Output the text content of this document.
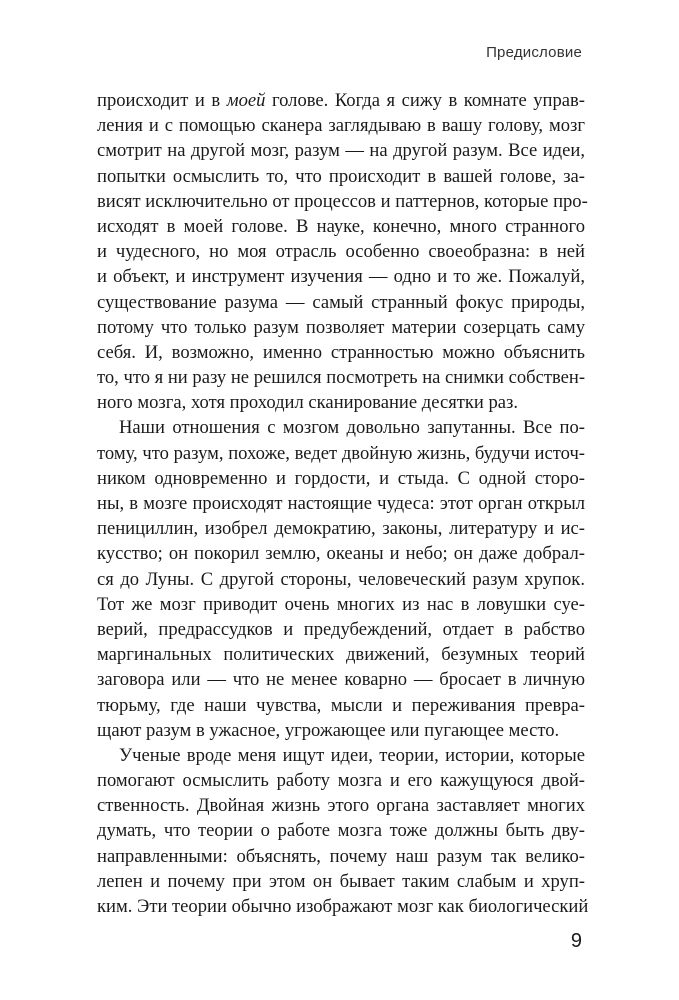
Предисловие
происходит и в моей голове. Когда я сижу в комнате управ-
ления и с помощью сканера заглядываю в вашу голову, мозг
смотрит на другой мозг, разум — на другой разум. Все идеи,
попытки осмыслить то, что происходит в вашей голове, за-
висят исключительно от процессов и паттернов, которые про-
исходят в моей голове. В науке, конечно, много странного
и чудесного, но моя отрасль особенно своеобразна: в ней
и объект, и инструмент изучения — одно и то же. Пожалуй,
существование разума — самый странный фокус природы,
потому что только разум позволяет материи созерцать саму
себя. И, возможно, именно странностью можно объяснить
то, что я ни разу не решился посмотреть на снимки собствен-
ного мозга, хотя проходил сканирование десятки раз.
Наши отношения с мозгом довольно запутанны. Все по-
тому, что разум, похоже, ведет двойную жизнь, будучи источ-
ником одновременно и гордости, и стыда. С одной сторо-
ны, в мозге происходят настоящие чудеса: этот орган открыл
пенициллин, изобрел демократию, законы, литературу и ис-
кусство; он покорил землю, океаны и небо; он даже добрал-
ся до Луны. С другой стороны, человеческий разум хрупок.
Тот же мозг приводит очень многих из нас в ловушки суе-
верий, предрассудков и предубеждений, отдает в рабство
маргинальных политических движений, безумных теорий
заговора или — что не менее коварно — бросает в личную
тюрьму, где наши чувства, мысли и переживания превра-
щают разум в ужасное, угрожающее или пугающее место.
Ученые вроде меня ищут идеи, теории, истории, которые
помогают осмыслить работу мозга и его кажущуюся двой-
ственность. Двойная жизнь этого органа заставляет многих
думать, что теории о работе мозга тоже должны быть дву-
направленными: объяснять, почему наш разум так велико-
лепен и почему при этом он бывает таким слабым и хруп-
ким. Эти теории обычно изображают мозг как биологический
9
